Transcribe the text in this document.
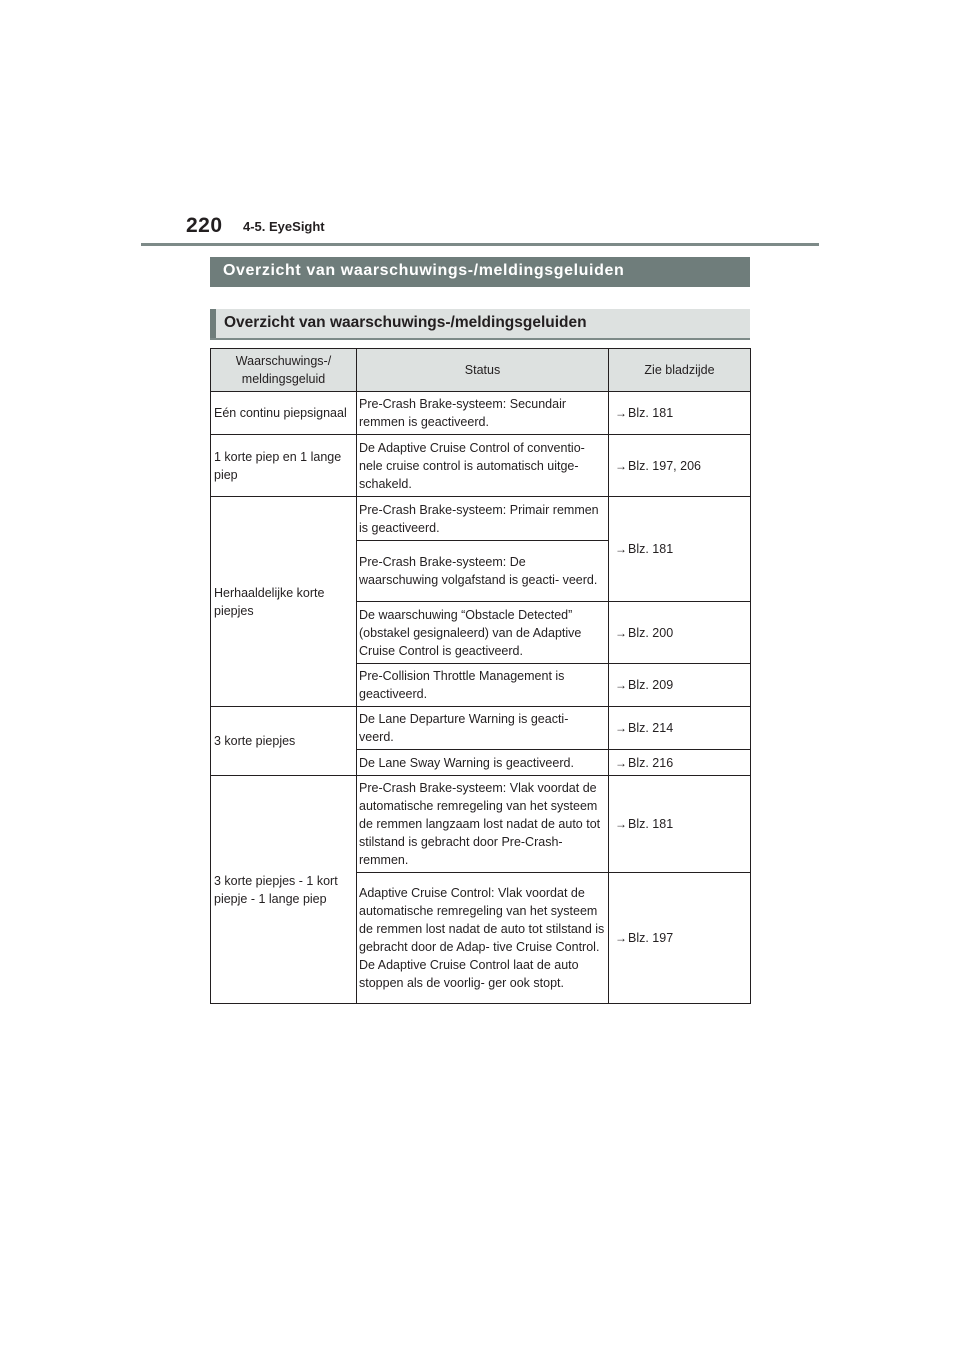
220 4-5. EyeSight
Overzicht van waarschuwings-/meldingsgeluiden
Overzicht van waarschuwings-/meldingsgeluiden
Waarschuwings-/ meldingsgeluid	Status	Zie bladzijde
Eén continu piepsignaal	Pre-Crash Brake-systeem: Secundair remmen is geactiveerd.	→Blz. 181
1 korte piep en 1 lange piep	De Adaptive Cruise Control of conventio- nele cruise control is automatisch uitge- schakeld.	→Blz. 197, 206
Herhaaldelijke korte piepjes	Pre-Crash Brake-systeem: Primair remmen is geactiveerd.	→Blz. 181
	Pre-Crash Brake-systeem: De waarschuwing volgafstand is geacti- veerd.	
	De waarschuwing “Obstacle Detected” (obstakel gesignaleerd) van de Adaptive Cruise Control is geactiveerd.	→Blz. 200
	Pre-Collision Throttle Management is geactiveerd.	→Blz. 209
3 korte piepjes	De Lane Departure Warning is geacti- veerd.	→Blz. 214
	De Lane Sway Warning is geactiveerd.	→Blz. 216
3 korte piepjes - 1 kort piepje - 1 lange piep	Pre-Crash Brake-systeem: Vlak voordat de automatische remregeling van het systeem de remmen langzaam lost nadat de auto tot stilstand is gebracht door Pre-Crash-remmen.	→Blz. 181
	Adaptive Cruise Control: Vlak voordat de automatische remregeling van het systeem de remmen lost nadat de auto tot stilstand is gebracht door de Adap- tive Cruise Control. De Adaptive Cruise Control laat de auto stoppen als de voorlig- ger ook stopt.	→Blz. 197
